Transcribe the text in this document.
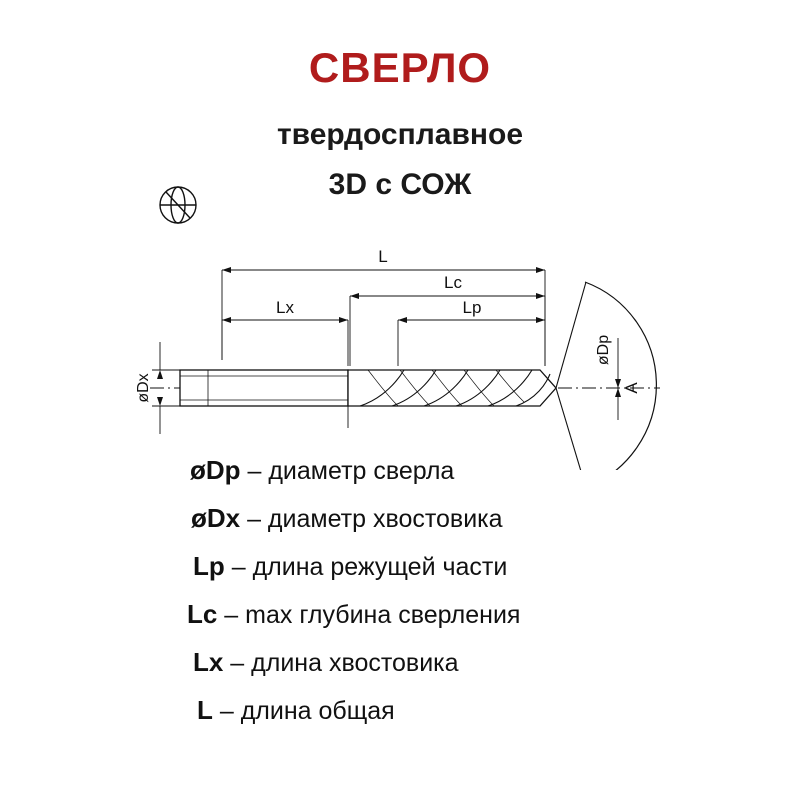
СВЕРЛО
твердосплавное
3D с СОЖ
L
Lc
Lx	Lp
øDx
øDp
A
øDp – диаметр сверла
øDx – диаметр хвостовика
Lp – длина режущей части
Lc – max глубина сверления
Lx – длина хвостовика
L – длина общая
